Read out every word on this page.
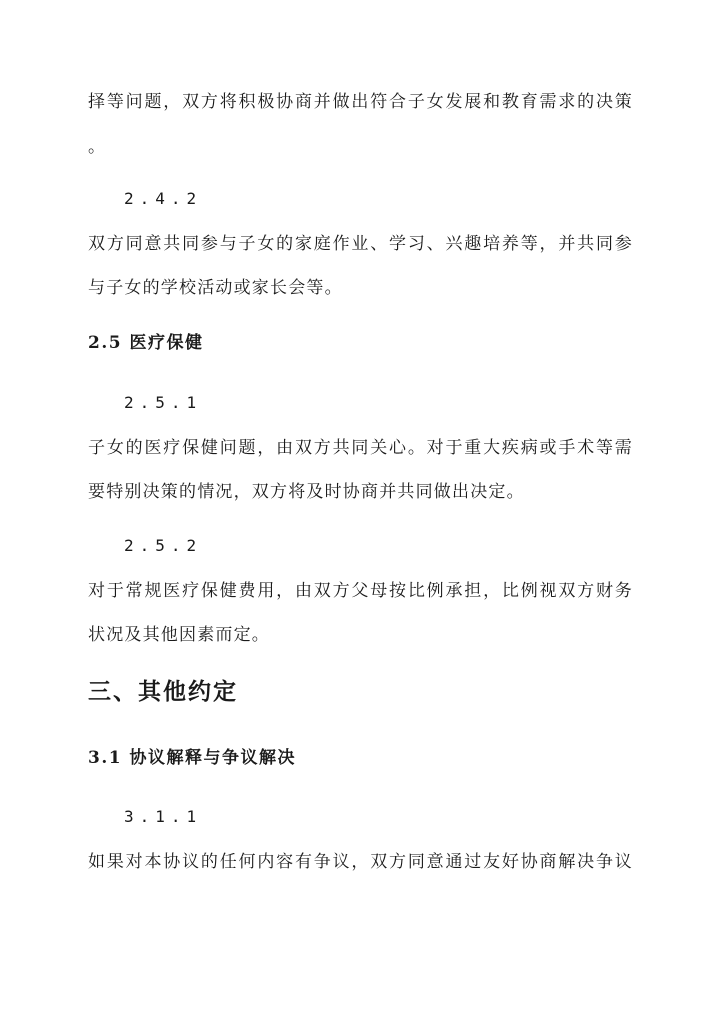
择等问题，双方将积极协商并做出符合子女发展和教育需求的决策
。
2.4.2
双方同意共同参与子女的家庭作业、学习、兴趣培养等，并共同参
与子女的学校活动或家长会等。
2.5 医疗保健
2.5.1
子女的医疗保健问题，由双方共同关心。对于重大疾病或手术等需
要特别决策的情况，双方将及时协商并共同做出决定。
2.5.2
对于常规医疗保健费用，由双方父母按比例承担，比例视双方财务
状况及其他因素而定。
三、其他约定
3.1 协议解释与争议解决
3.1.1
如果对本协议的任何内容有争议，双方同意通过友好协商解决争议
